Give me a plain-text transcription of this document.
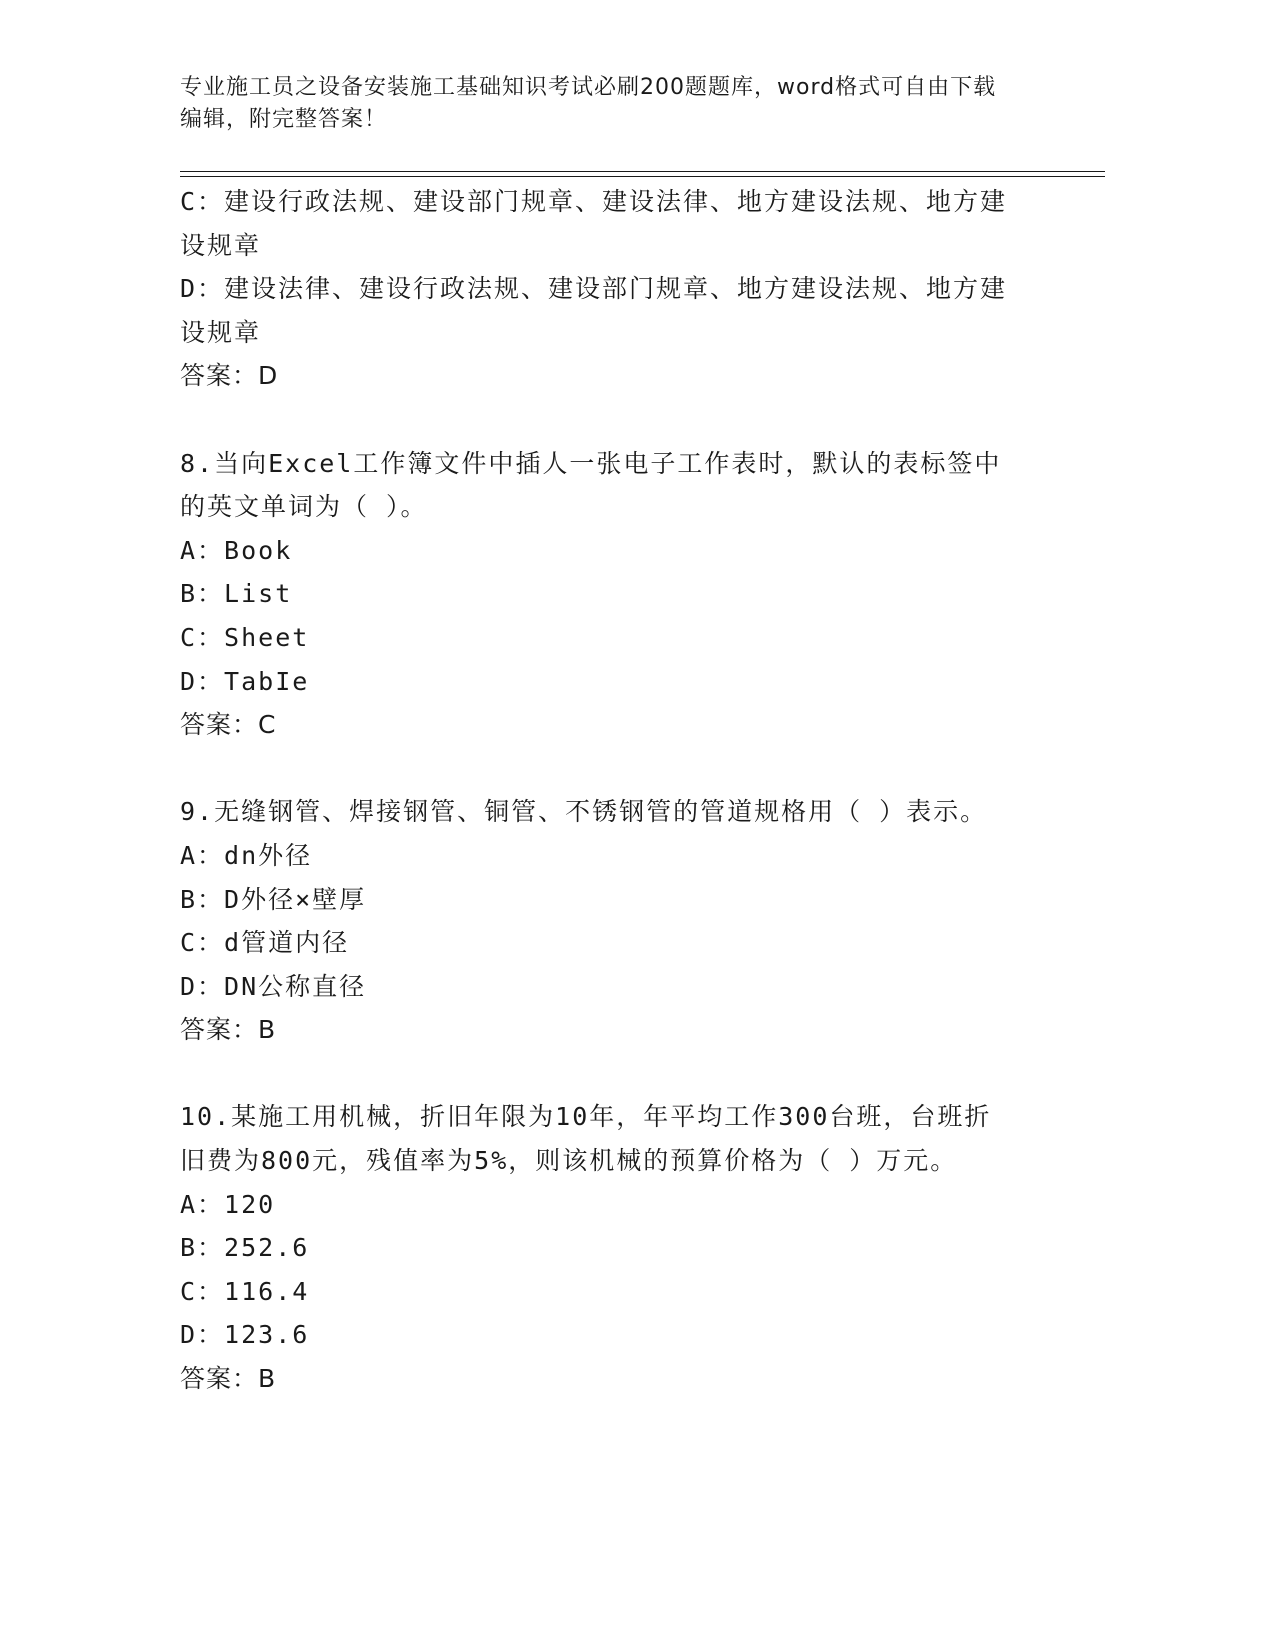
专业施工员之设备安装施工基础知识考试必刷200题题库，word格式可自由下载
编辑，附完整答案！
C：建设行政法规、建设部门规章、建设法律、地方建设法规、地方建
设规章
D：建设法律、建设行政法规、建设部门规章、地方建设法规、地方建
设规章
答案：D
8.当向Excel工作簿文件中插人一张电子工作表时，默认的表标签中
的英文单词为（ ）。
A：Book
B：List
C：Sheet
D：TabIe
答案：C
9.无缝钢管、焊接钢管、铜管、不锈钢管的管道规格用（ ）表示。
A：dn外径
B：D外径×壁厚
C：d管道内径
D：DN公称直径
答案：B
10.某施工用机械，折旧年限为10年，年平均工作300台班，台班折
旧费为800元，残值率为5%，则该机械的预算价格为（ ）万元。
A：120
B：252.6
C：116.4
D：123.6
答案：B
